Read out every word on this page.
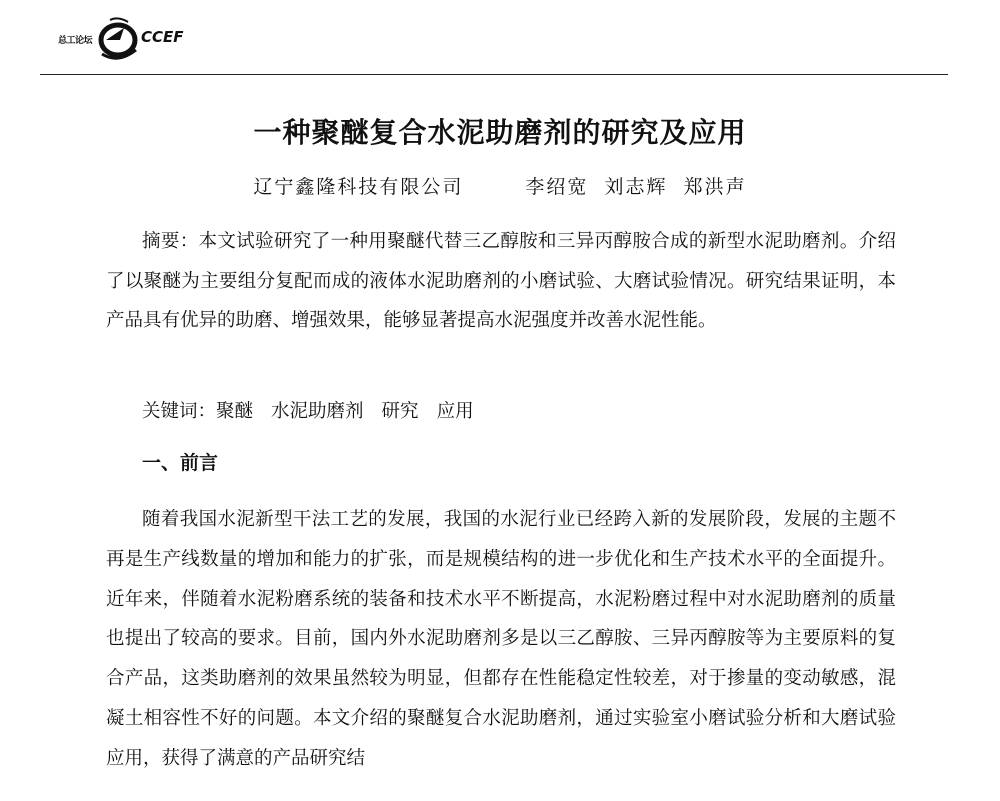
总工论坛	CCEF
一种聚醚复合水泥助磨剂的研究及应用
辽宁鑫隆科技有限公司	李绍宽 刘志辉 郑洪声

摘要：本文试验研究了一种用聚醚代替三乙醇胺和三异丙醇胺合成的新型水泥助磨剂。介绍了以聚醚为主要组分复配而成的液体水泥助磨剂的小磨试验、大磨试验情况。研究结果证明，本产品具有优异的助磨、增强效果，能够显著提高水泥强度并改善水泥性能。

关键词：聚醚 水泥助磨剂 研究 应用

一、前言

随着我国水泥新型干法工艺的发展，我国的水泥行业已经跨入新的发展阶段，发展的主题不再是生产线数量的增加和能力的扩张，而是规模结构的进一步优化和生产技术水平的全面提升。近年来，伴随着水泥粉磨系统的装备和技术水平不断提高，水泥粉磨过程中对水泥助磨剂的质量也提出了较高的要求。目前，国内外水泥助磨剂多是以三乙醇胺、三异丙醇胺等为主要原料的复合产品，这类助磨剂的效果虽然较为明显，但都存在性能稳定性较差，对于掺量的变动敏感，混凝土相容性不好的问题。本文介绍的聚醚复合水泥助磨剂，通过实验室小磨试验分析和大磨试验应用，获得了满意的产品研究结
